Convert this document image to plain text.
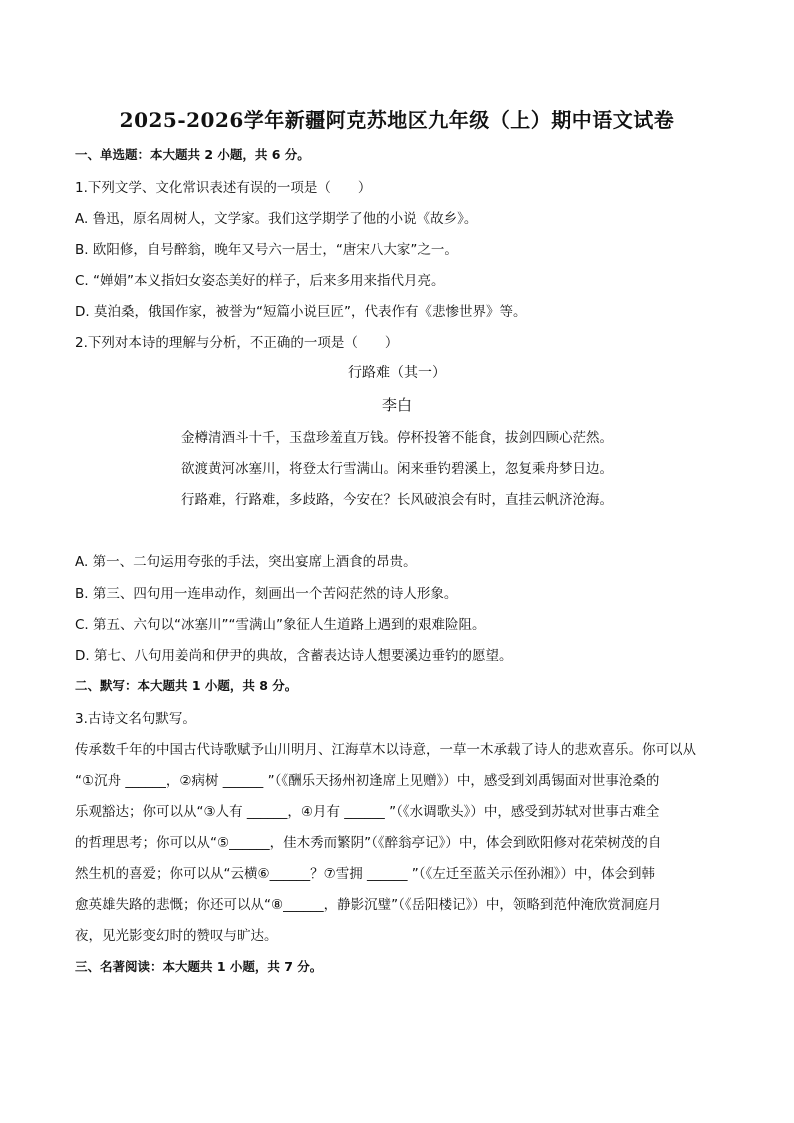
2025-2026学年新疆阿克苏地区九年级（上）期中语文试卷
一、单选题：本大题共 2 小题，共 6 分。
1.下列文学、文化常识表述有误的一项是（　　）
A. 鲁迅，原名周树人，文学家。我们这学期学了他的小说《故乡》。
B. 欧阳修，自号醉翁，晚年又号六一居士，“唐宋八大家”之一。
C. “婵娟”本义指妇女姿态美好的样子，后来多用来指代月亮。
D. 莫泊桑，俄国作家，被誉为“短篇小说巨匠”，代表作有《悲惨世界》等。
2.下列对本诗的理解与分析，不正确的一项是（　　）
行路难（其一）
李白
金樽清酒斗十千，玉盘珍羞直万钱。停杯投箸不能食，拔剑四顾心茫然。
欲渡黄河冰塞川，将登太行雪满山。闲来垂钓碧溪上，忽复乘舟梦日边。
行路难，行路难，多歧路，今安在？长风破浪会有时，直挂云帆济沧海。
A. 第一、二句运用夸张的手法，突出宴席上酒食的昂贵。
B. 第三、四句用一连串动作，刻画出一个苦闷茫然的诗人形象。
C. 第五、六句以“冰塞川”“雪满山”象征人生道路上遇到的艰难险阻。
D. 第七、八句用姜尚和伊尹的典故，含蓄表达诗人想要溪边垂钓的愿望。
二、默写：本大题共 1 小题，共 8 分。
3.古诗文名句默写。
传承数千年的中国古代诗歌赋予山川明月、江海草木以诗意，一草一木承载了诗人的悲欢喜乐。你可以从
“①沉舟 ______，②病树 ______ ”（《酬乐天扬州初逢席上见赠》）中，感受到刘禹锡面对世事沧桑的
乐观豁达；你可以从“③人有 ______，④月有 ______ ”（《水调歌头》）中，感受到苏轼对世事古难全
的哲理思考；你可以从“⑤______，佳木秀而繁阴”（《醉翁亭记》）中，体会到欧阳修对花荣树茂的自
然生机的喜爱；你可以从“云横⑥______？⑦雪拥 ______ ”（《左迁至蓝关示侄孙湘》）中，体会到韩
愈英雄失路的悲慨；你还可以从“⑧______，静影沉璧”（《岳阳楼记》）中，领略到范仲淹欣赏洞庭月
夜，见光影变幻时的赞叹与旷达。
三、名著阅读：本大题共 1 小题，共 7 分。
